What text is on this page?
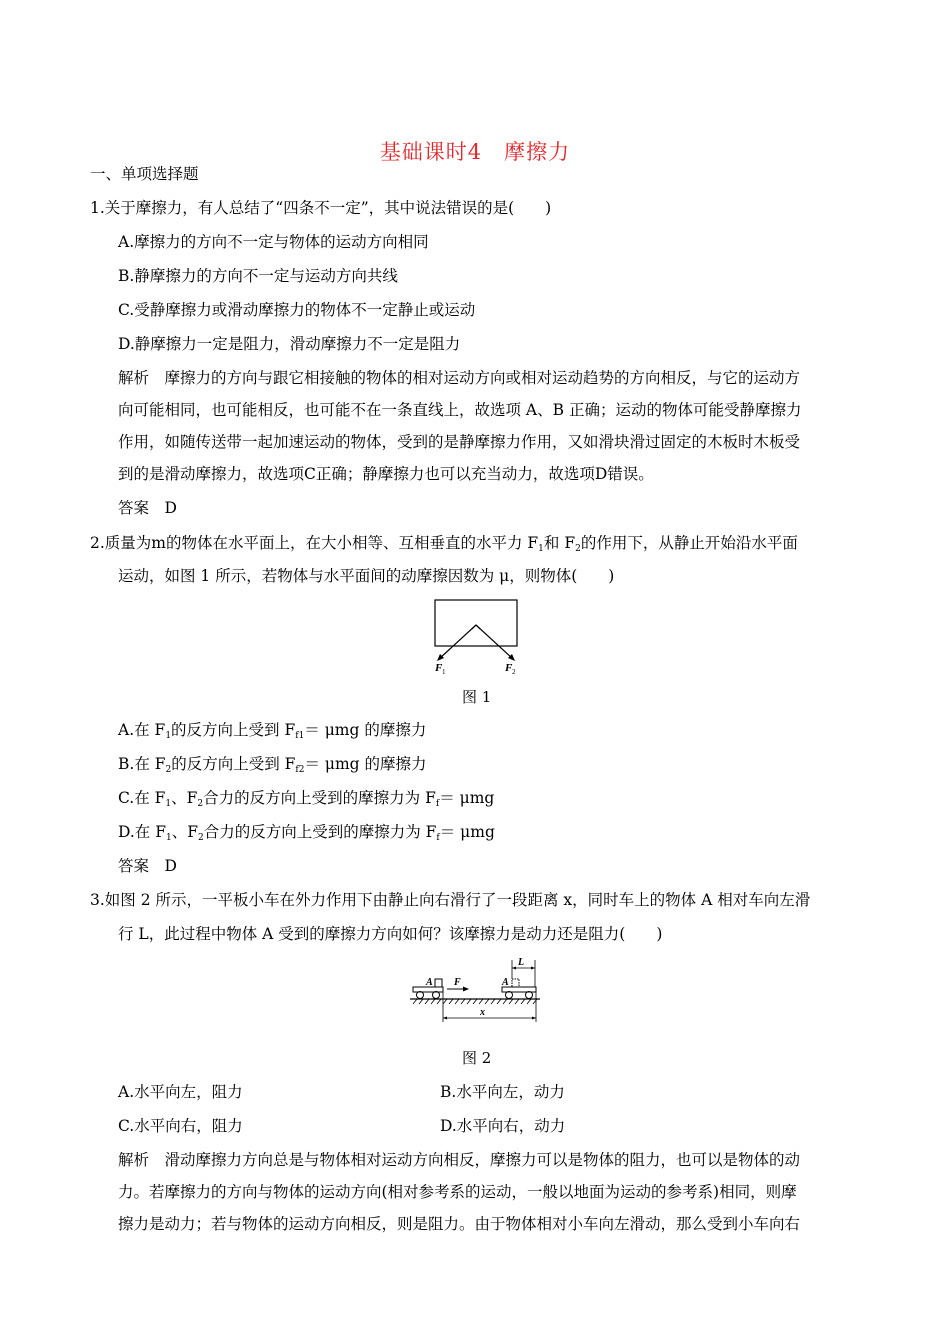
基础课时4　摩擦力
一、单项选择题
1.关于摩擦力，有人总结了“四条不一定”，其中说法错误的是(　　)
A.摩擦力的方向不一定与物体的运动方向相同
B.静摩擦力的方向不一定与运动方向共线
C.受静摩擦力或滑动摩擦力的物体不一定静止或运动
D.静摩擦力一定是阻力，滑动摩擦力不一定是阻力
解析　摩擦力的方向与跟它相接触的物体的相对运动方向或相对运动趋势的方向相反，与它的运动方
向可能相同，也可能相反，也可能不在一条直线上，故选项 A、B 正确；运动的物体可能受静摩擦力
作用，如随传送带一起加速运动的物体，受到的是静摩擦力作用，又如滑块滑过固定的木板时木板受
到的是滑动摩擦力，故选项C正确；静摩擦力也可以充当动力，故选项D错误。
答案　D
2.质量为m的物体在水平面上，在大小相等、互相垂直的水平力 $F_1$和 $F_2$的作用下，从静止开始沿水平面
运动，如图 1 所示，若物体与水平面间的动摩擦因数为 μ，则物体(　　)
F 1	F 2
图 1
A.在 $F_1$的反方向上受到 $F_{f1}= \mu mg$ 的摩擦力
B.在 $F_2$的反方向上受到 $F_{f2}= \mu mg$ 的摩擦力
C.在 $F_1$、$F_2$合力的反方向上受到的摩擦力为 $F_f= \mu mg$
D.在 $F_1$、$F_2$合力的反方向上受到的摩擦力为 $F_f= \mu mg$
答案　D
3.如图 2 所示，一平板小车在外力作用下由静止向右滑行了一段距离 x，同时车上的物体 A 相对车向左滑
行 L，此过程中物体 A 受到的摩擦力方向如何？该摩擦力是动力还是阻力(　　)
A F	A
L
x
图 2
A.水平向左，阻力	B.水平向左，动力
C.水平向右，阻力	D.水平向右，动力
解析　滑动摩擦力方向总是与物体相对运动方向相反，摩擦力可以是物体的阻力，也可以是物体的动
力。若摩擦力的方向与物体的运动方向(相对参考系的运动，一般以地面为运动的参考系)相同，则摩
擦力是动力；若与物体的运动方向相反，则是阻力。由于物体相对小车向左滑动，那么受到小车向右
